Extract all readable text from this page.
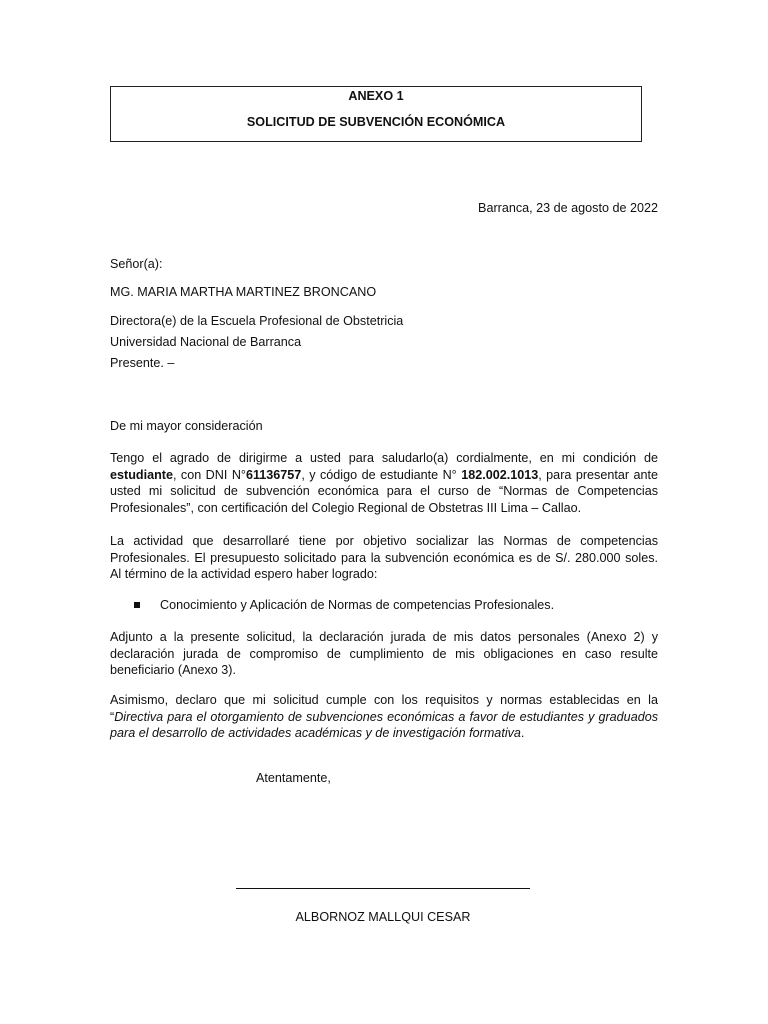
ANEXO 1
SOLICITUD DE SUBVENCIÓN ECONÓMICA
Barranca, 23 de agosto de 2022
Señor(a):
MG. MARIA MARTHA MARTINEZ BRONCANO
Directora(e) de la Escuela Profesional de Obstetricia
Universidad Nacional de Barranca
Presente. –
De mi mayor consideración
Tengo el agrado de dirigirme a usted para saludarlo(a) cordialmente, en mi condición de estudiante, con DNI N°61136757, y código de estudiante N° 182.002.1013, para presentar ante usted mi solicitud de subvención económica para el curso de “Normas de Competencias Profesionales”, con certificación del Colegio Regional de Obstetras III Lima – Callao.
La actividad que desarrollaré tiene por objetivo socializar las Normas de competencias Profesionales. El presupuesto solicitado para la subvención económica es de S/. 280.000 soles. Al término de la actividad espero haber logrado:
Conocimiento y Aplicación de Normas de competencias Profesionales.
Adjunto a la presente solicitud, la declaración jurada de mis datos personales (Anexo 2) y declaración jurada de compromiso de cumplimiento de mis obligaciones en caso resulte beneficiario (Anexo 3).
Asimismo, declaro que mi solicitud cumple con los requisitos y normas establecidas en la “Directiva para el otorgamiento de subvenciones económicas a favor de estudiantes y graduados para el desarrollo de actividades académicas y de investigación formativa.
Atentamente,
ALBORNOZ MALLQUI CESAR
